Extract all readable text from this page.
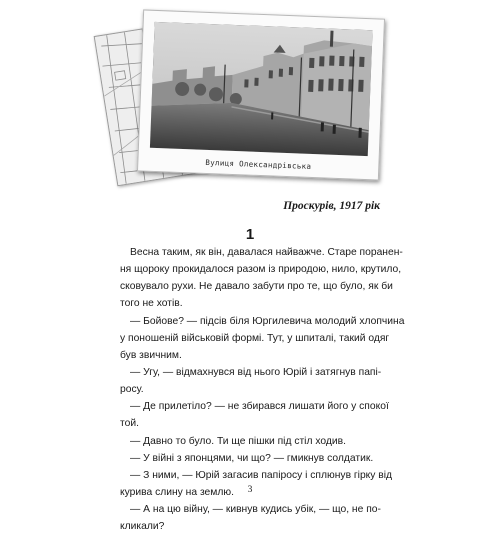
Вулиця Олександрівська
Проскурів, 1917 рік
1
Весна таким, як він, давалася найважче. Старе поранен-
ня щороку прокидалося разом із природою, нило, крутило,
сковувало рухи. Не давало забути про те, що було, як би
того не хотів.
— Бойове? — підсів біля Юргилевича молодий хлопчина
у поношеній військовій формі. Тут, у шпиталі, такий одяг
був звичним.
— Угу, — відмахнувся від нього Юрій і затягнув папі-
росу.
— Де прилетіло? — не збирався лишати його у спокої
той.
— Давно то було. Ти ще пішки під стіл ходив.
— У війні з японцями, чи що? — гмикнув солдатик.
— З ними, — Юрій загасив папіросу і сплюнув гірку від
курива слину на землю.
— А на цю війну, — кивнув кудись убік, — що, не по-
кликали?
3
